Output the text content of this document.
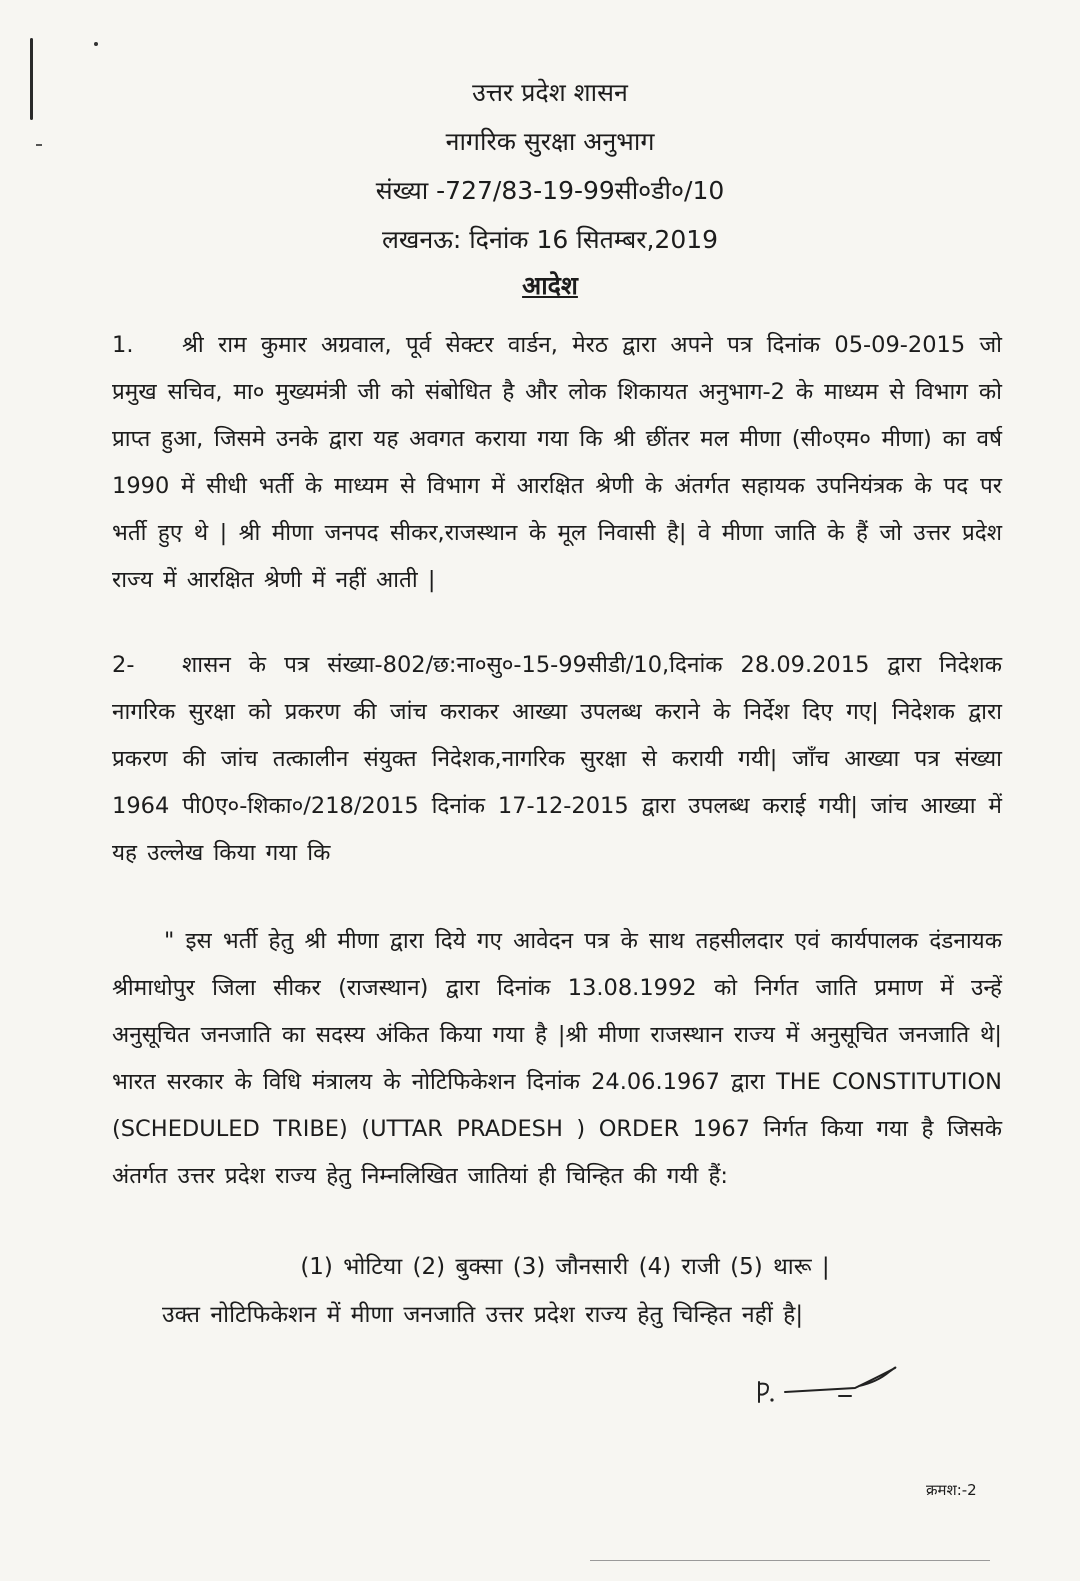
उत्तर प्रदेश शासन
नागरिक सुरक्षा अनुभाग
संख्या -727/83-19-99सी०डी०/10
लखनऊ: दिनांक 16 सितम्बर,2019
आदेश
1. श्री राम कुमार अग्रवाल, पूर्व सेक्टर वार्डन, मेरठ द्वारा अपने पत्र दिनांक 05-09-2015 जो प्रमुख सचिव, मा० मुख्यमंत्री जी को संबोधित है और लोक शिकायत अनुभाग-2 के माध्यम से विभाग को प्राप्त हुआ, जिसमे उनके द्वारा यह अवगत कराया गया कि श्री छींतर मल मीणा (सी०एम० मीणा) का वर्ष 1990 में सीधी भर्ती के माध्यम से विभाग में आरक्षित श्रेणी के अंतर्गत सहायक उपनियंत्रक के पद पर भर्ती हुए थे | श्री मीणा जनपद सीकर,राजस्थान के मूल निवासी है| वे मीणा जाति के हैं जो उत्तर प्रदेश राज्य में आरक्षित श्रेणी में नहीं आती |
2- शासन के पत्र संख्या-802/छ:ना०सु०-15-99सीडी/10,दिनांक 28.09.2015 द्वारा निदेशक नागरिक सुरक्षा को प्रकरण की जांच कराकर आख्या उपलब्ध कराने के निर्देश दिए गए| निदेशक द्वारा प्रकरण की जांच तत्कालीन संयुक्त निदेशक,नागरिक सुरक्षा से करायी गयी| जाँच आख्या पत्र संख्या 1964 पी0ए०-शिका०/218/2015 दिनांक 17-12-2015 द्वारा उपलब्ध कराई गयी| जांच आख्या में यह उल्लेख किया गया कि
" इस भर्ती हेतु श्री मीणा द्वारा दिये गए आवेदन पत्र के साथ तहसीलदार एवं कार्यपालक दंडनायक श्रीमाधोपुर जिला सीकर (राजस्थान) द्वारा दिनांक 13.08.1992 को निर्गत जाति प्रमाण में उन्हें अनुसूचित जनजाति का सदस्य अंकित किया गया है |श्री मीणा राजस्थान राज्य में अनुसूचित जनजाति थे| भारत सरकार के विधि मंत्रालय के नोटिफिकेशन दिनांक 24.06.1967 द्वारा THE CONSTITUTION (SCHEDULED TRIBE) (UTTAR PRADESH ) ORDER 1967 निर्गत किया गया है जिसके अंतर्गत उत्तर प्रदेश राज्य हेतु निम्नलिखित जातियां ही चिन्हित की गयी हैं:
(1) भोटिया (2) बुक्सा (3) जौनसारी (4) राजी (5) थारू |
उक्त नोटिफिकेशन में मीणा जनजाति उत्तर प्रदेश राज्य हेतु चिन्हित नहीं है|
क्रमश:-2
